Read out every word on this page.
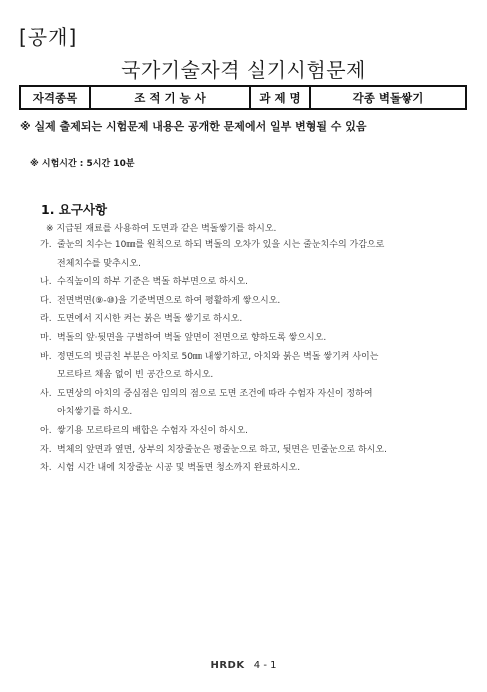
[공개]
국가기술자격 실기시험문제
자격종목	조 적 기 능 사	과 제 명	각종 벽돌쌓기
※ 실제 출제되는 시험문제 내용은 공개한 문제에서 일부 변형될 수 있음
※ 시험시간 : 5시간 10분
1. 요구사항
※ 지급된 재료를 사용하여 도면과 같은 벽돌쌓기를 하시오.
가. 줄눈의 치수는 10㎜를 원칙으로 하되 벽돌의 오차가 있을 시는 줄눈치수의 가감으로
전체치수를 맞추시오.
나. 수직높이의 하부 기준은 벽돌 하부면으로 하시오.
다. 전면벽면(⑨-⑩)을 기준벽면으로 하여 평활하게 쌓으시오.
라. 도면에서 지시한 켜는 붉은 벽돌 쌓기로 하시오.
마. 벽돌의 앞·뒷면을 구별하여 벽돌 앞면이 전면으로 향하도록 쌓으시오.
바. 정면도의 빗금친 부분은 아치로 50㎜ 내쌓기하고, 아치와 붉은 벽돌 쌓기켜 사이는
모르타르 채움 없이 빈 공간으로 하시오.
사. 도면상의 아치의 중심점은 임의의 점으로 도면 조건에 따라 수험자 자신이 정하여
아치쌓기를 하시오.
아. 쌓기용 모르타르의 배합은 수험자 자신이 하시오.
자. 벽체의 앞면과 옆면, 상부의 치장줄눈은 평줄눈으로 하고, 뒷면은 민줄눈으로 하시오.
차. 시험 시간 내에 치장줄눈 시공 및 벽돌면 청소까지 완료하시오.
HRDK 4 - 1
